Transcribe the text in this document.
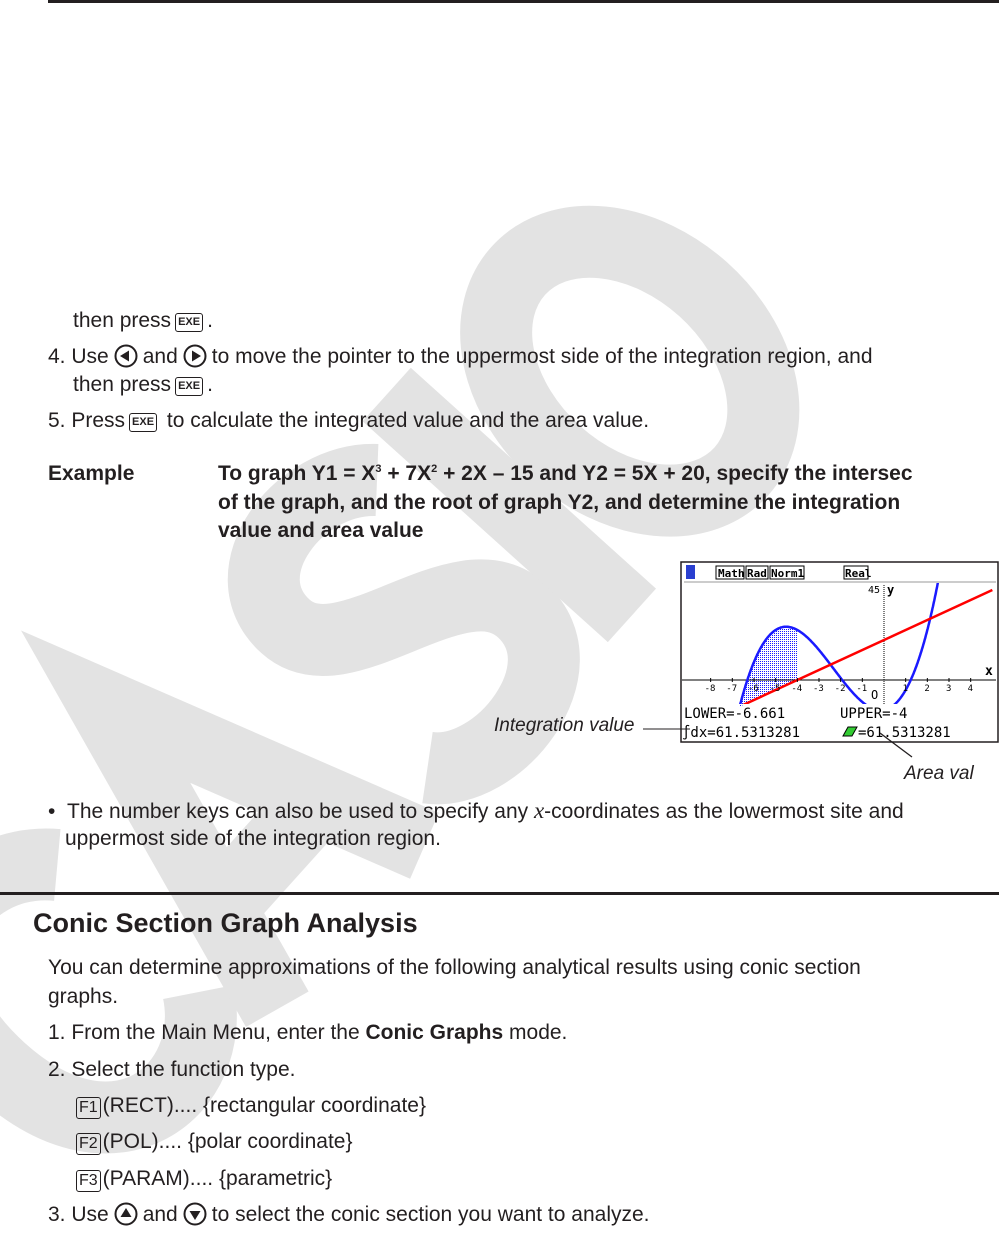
then press EXE .
4. Use and to move the pointer to the uppermost side of the integration region, and
then press EXE .
5. Press EXE to calculate the integrated value and the area value.
Example	To graph $Y1 = X^3 + 7X^2 + 2X - 15$ and Y2 = 5X + 20, specify the intersec
of the graph, and the root of graph Y2, and determine the integration
value and area value
Math Rad Norm1	Real
45 y
x
O
-8 -7 -6 -5 -4 -3 -2 -1	1 2 3 4
LOWER=-6.661	UPPER=-4
∫dx=61.5313281	=61.5313281
Integration value
Area val
•  The number keys can also be used to specify any x-coordinates as the lowermost site and
uppermost side of the integration region.
Conic Section Graph Analysis
You can determine approximations of the following analytical results using conic section
graphs.
1. From the Main Menu, enter the Conic Graphs mode.
2. Select the function type.
F1 (RECT).... {rectangular coordinate}
F2 (POL).... {polar coordinate}
F3 (PARAM).... {parametric}
3. Use and to select the conic section you want to analyze.
